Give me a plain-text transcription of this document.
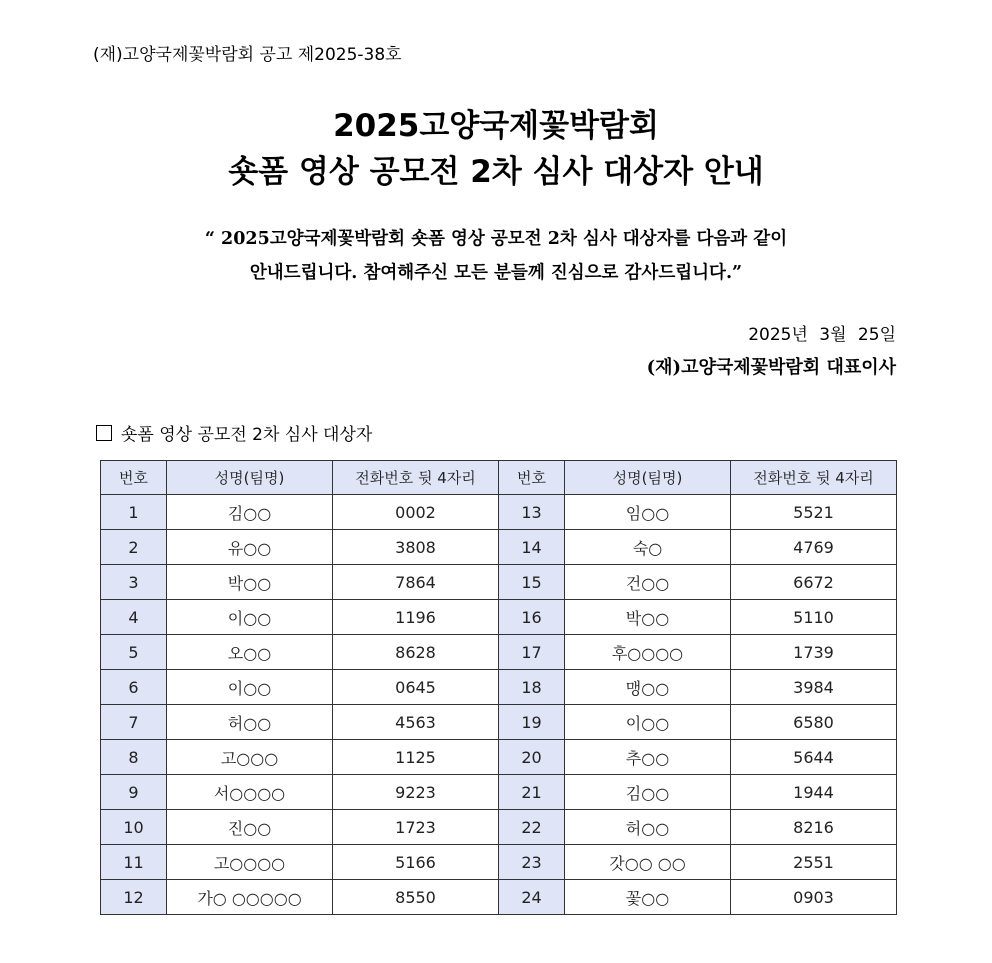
(재)고양국제꽃박람회 공고 제2025-38호
2025고양국제꽃박람회
숏폼 영상 공모전 2차 심사 대상자 안내
“ 2025고양국제꽃박람회 숏폼 영상 공모전 2차 심사 대상자를 다음과 같이
안내드립니다. 참여해주신 모든 분들께 진심으로 감사드립니다.”
2025년 3월 25일
(재)고양국제꽃박람회 대표이사
숏폼 영상 공모전 2차 심사 대상자
번호	성명(팀명)	전화번호 뒷 4자리	번호	성명(팀명)	전화번호 뒷 4자리
1	김○○	0002	13	임○○	5521
2	유○○	3808	14	숙○	4769
3	박○○	7864	15	건○○	6672
4	이○○	1196	16	박○○	5110
5	오○○	8628	17	후○○○○	1739
6	이○○	0645	18	맹○○	3984
7	허○○	4563	19	이○○	6580
8	고○○○	1125	20	추○○	5644
9	서○○○○	9223	21	김○○	1944
10	진○○	1723	22	허○○	8216
11	고○○○○	5166	23	갓○○ ○○	2551
12	가○ ○○○○○	8550	24	꽃○○	0903
